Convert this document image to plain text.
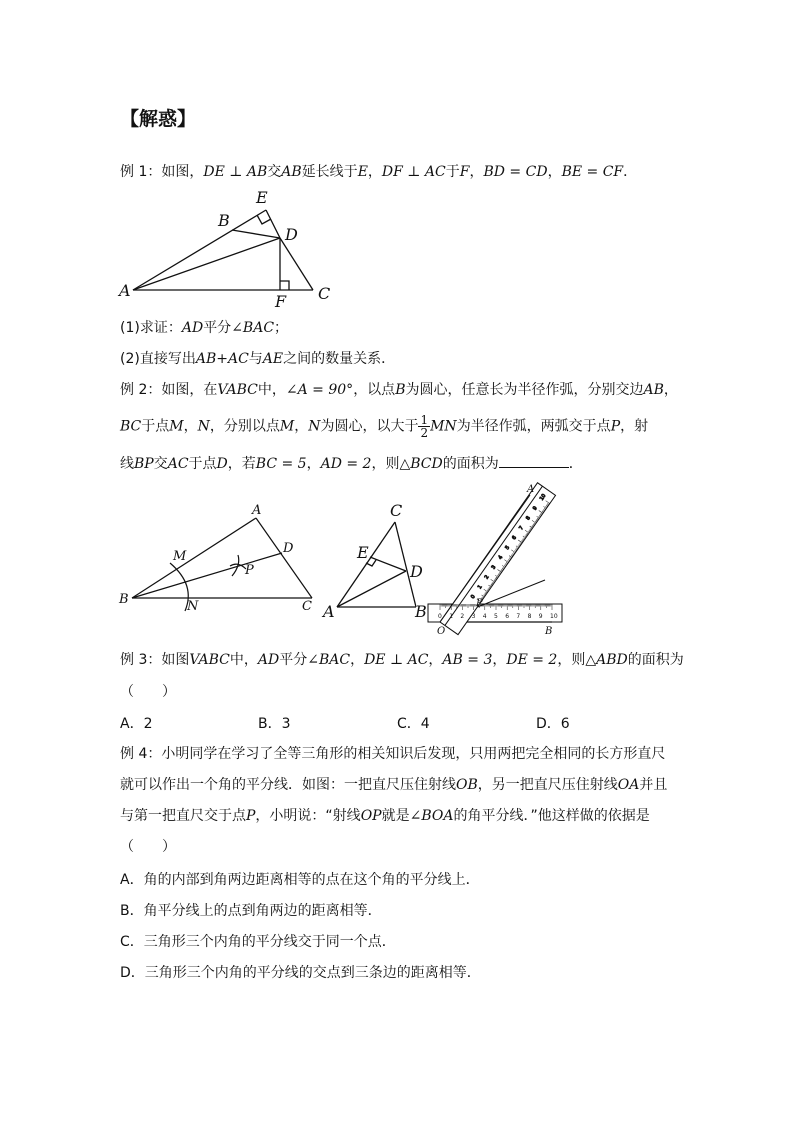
【解惑】
例 1：如图，DE ⊥ AB交AB延长线于E，DF ⊥ AC于F，BD = CD，BE = CF．
A
B
E
D
F C
(1)求证：AD平分∠BAC；
(2)直接写出AB+AC与AE之间的数量关系．
例 2：如图，在VABC中，∠A = 90°，以点B为圆心，任意长为半径作弧，分别交边AB，
BC于点M，N，分别以点M，N为圆心，以大于 $\frac{1}{2}$ MN为半径作弧，两弧交于点P，射
线BP交AC于点D，若BC = 5，AD = 2，则△BCD的面积为	．
A
M
D
P
B	N	C
C
E
D
A	B
0
1
2
3
4
5
6
7
8
9
10
0 1 2 3 4 5 6 7 8 9 10
A
P
O	B
例 3：如图VABC中，AD平分∠BAC，DE ⊥ AC，AB = 3，DE = 2，则△ABD的面积为
（　　）
A．2	B．3	C．4	D．6
例 4：小明同学在学习了全等三角形的相关知识后发现，只用两把完全相同的长方形直尺
就可以作出一个角的平分线．如图：一把直尺压住射线OB，另一把直尺压住射线OA并且
与第一把直尺交于点P，小明说：“射线OP就是∠BOA的角平分线．”他这样做的依据是
（　　）
A．角的内部到角两边距离相等的点在这个角的平分线上．
B．角平分线上的点到角两边的距离相等．
C．三角形三个内角的平分线交于同一个点．
D．三角形三个内角的平分线的交点到三条边的距离相等．
